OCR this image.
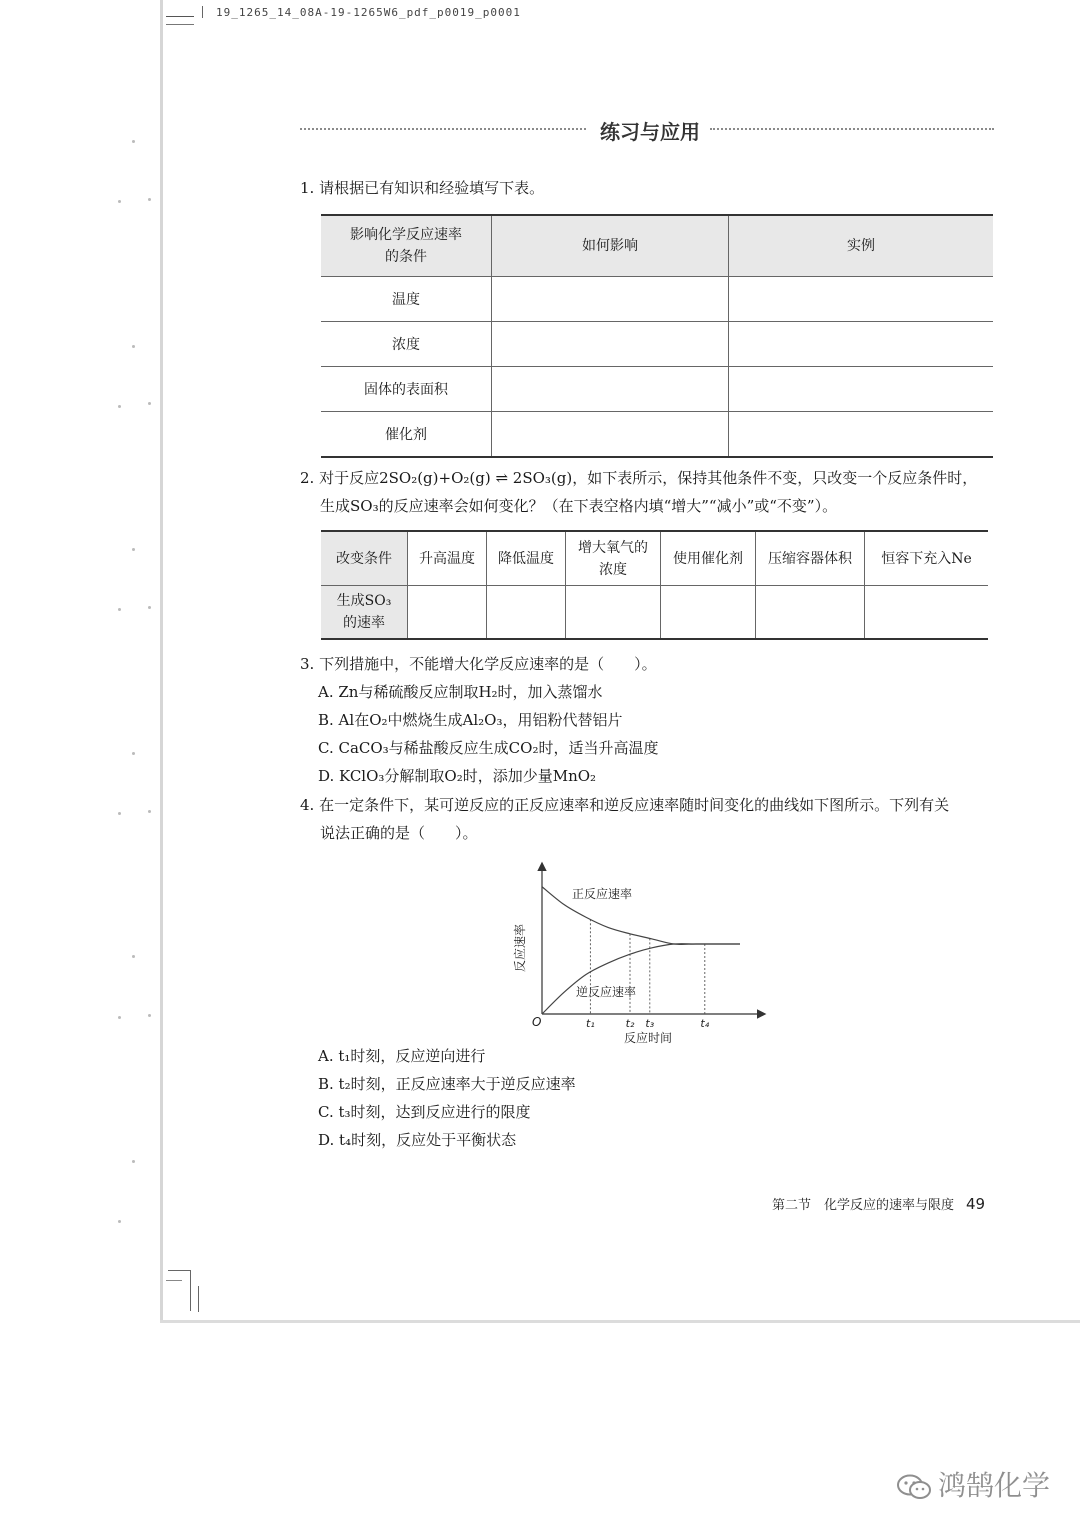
19_1265_14_08A-19-1265W6_pdf_p0019_p0001
练习与应用
1. 请根据已有知识和经验填写下表。
影响化学反应速率的条件	如何影响	实例
温度		
浓度		
固体的表面积		
催化剂		
2. 对于反应2SO₂(g)+O₂(g) ⇌ 2SO₃(g)，如下表所示，保持其他条件不变，只改变一个反应条件时，
生成SO₃的反应速率会如何变化？（在下表空格内填“增大”“减小”或“不变”）。
改变条件	升高温度	降低温度	增大氧气的浓度	使用催化剂	压缩容器体积	恒容下充入Ne

生成SO₃的速率						

3. 下列措施中，不能增大化学反应速率的是（　　）。
A. Zn与稀硫酸反应制取H₂时，加入蒸馏水
B. Al在O₂中燃烧生成Al₂O₃，用铝粉代替铝片
C. CaCO₃与稀盐酸反应生成CO₂时，适当升高温度
D. KClO₃分解制取O₂时，添加少量MnO₂
4. 在一定条件下，某可逆反应的正反应速率和逆反应速率随时间变化的曲线如下图所示。下列有关
说法正确的是（　　）。
正反应速率
逆反应速率
O
反应时间
反应速率
t₁	t₂ t₃	t₄
A. t₁时刻，反应逆向进行
B. t₂时刻，正反应速率大于逆反应速率
C. t₃时刻，达到反应进行的限度
D. t₄时刻，反应处于平衡状态
第二节　化学反应的速率与限度 49
鸿鹄化学
